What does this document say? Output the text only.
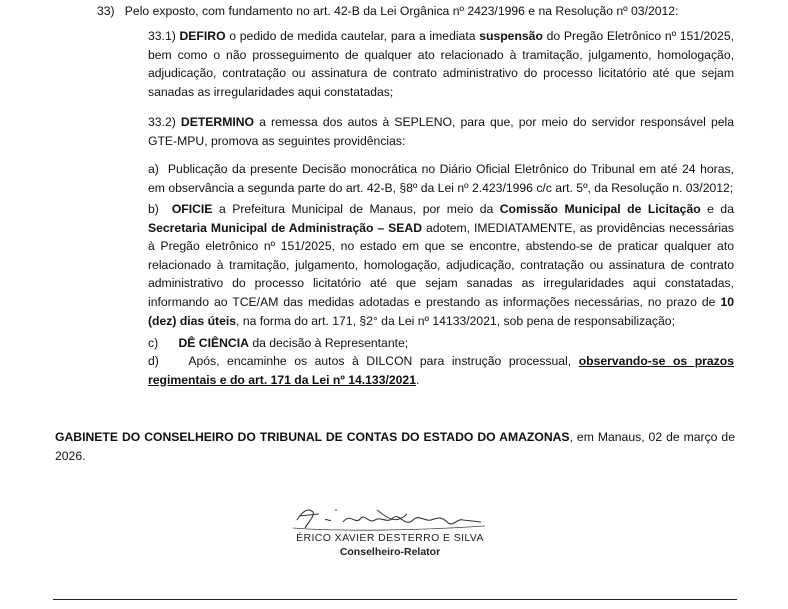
33) Pelo exposto, com fundamento no art. 42-B da Lei Orgânica nº 2423/1996 e na Resolução nº 03/2012:

33.1) DEFIRO o pedido de medida cautelar, para a imediata suspensão do Pregão Eletrônico nº 151/2025, bem como o não prosseguimento de qualquer ato relacionado à tramitação, julgamento, homologação, adjudicação, contratação ou assinatura de contrato administrativo do processo licitatório até que sejam sanadas as irregularidades aqui constatadas;

33.2) DETERMINO a remessa dos autos à SEPLENO, para que, por meio do servidor responsável pela GTE-MPU, promova as seguintes providências:

a) Publicação da presente Decisão monocrática no Diário Oficial Eletrônico do Tribunal em até 24 horas, em observância a segunda parte do art. 42-B, §8º da Lei nº 2.423/1996 c/c art. 5º, da Resolução n. 03/2012;

b) OFICIE a Prefeitura Municipal de Manaus, por meio da Comissão Municipal de Licitação e da Secretaria Municipal de Administração – SEAD adotem, IMEDIATAMENTE, as providências necessárias à Pregão eletrônico nº 151/2025, no estado em que se encontre, abstendo-se de praticar qualquer ato relacionado à tramitação, julgamento, homologação, adjudicação, contratação ou assinatura de contrato administrativo do processo licitatório até que sejam sanadas as irregularidades aqui constatadas, informando ao TCE/AM das medidas adotadas e prestando as informações necessárias, no prazo de 10 (dez) dias úteis, na forma do art. 171, §2° da Lei nº 14133/2021, sob pena de responsabilização;

c) DÊ CIÊNCIA da decisão à Representante;

d) Após, encaminhe os autos à DILCON para instrução processual, observando-se os prazos regimentais e do art. 171 da Lei nº 14.133/2021.

GABINETE DO CONSELHEIRO DO TRIBUNAL DE CONTAS DO ESTADO DO AMAZONAS, em Manaus, 02 de março de 2026.

ÉRICO XAVIER DESTERRO E SILVA
Conselheiro-Relator
